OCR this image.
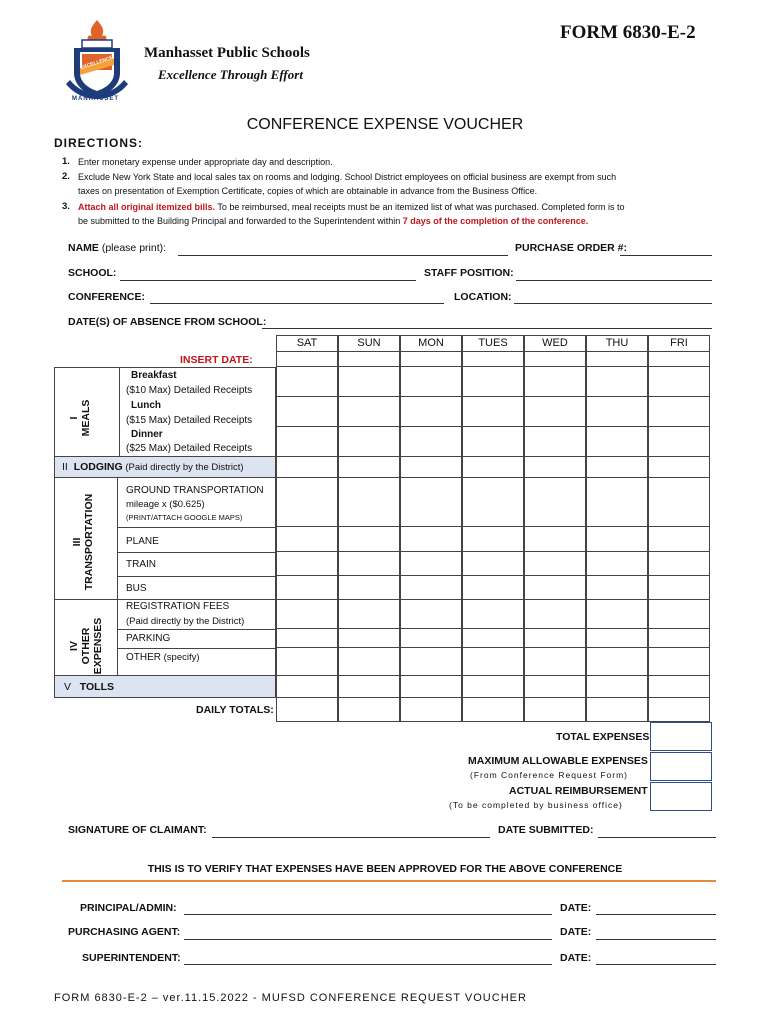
EXCELLENCE
MANHASSET
Manhasset Public Schools
Excellence Through Effort
FORM 6830-E-2
CONFERENCE EXPENSE VOUCHER
DIRECTIONS:
1. Enter monetary expense under appropriate day and description.
2. Exclude New York State and local sales tax on rooms and lodging. School District employees on official business are exempt from such
taxes on presentation of Exemption Certificate, copies of which are obtainable in advance from the Business Office.
3. Attach all original itemized bills. To be reimbursed, meal receipts must be an itemized list of what was purchased. Completed form is to
be submitted to the Building Principal and forwarded to the Superintendent within 7 days of the completion of the conference.
NAME (please print):	PURCHASE ORDER #:
SCHOOL:	STAFF POSITION:
CONFERENCE:	LOCATION:
DATE(S) OF ABSENCE FROM SCHOOL:
SAT	SUN	MON	TUES	WED	THU	FRI
INSERT DATE:
I
MEALS
Breakfast
($10 Max) Detailed Receipts
Lunch
($15 Max) Detailed Receipts
Dinner
($25 Max) Detailed Receipts
II LODGING (Paid directly by the District)
III
TRANSPORTATION
GROUND TRANSPORTATION
mileage x ($0.625)
(PRINT/ATTACH GOOGLE MAPS)
PLANE
TRAIN
BUS
IV
OTHER
EXPENSES
REGISTRATION FEES
(Paid directly by the District)
PARKING
OTHER (specify)
V TOLLS
DAILY TOTALS:
TOTAL EXPENSES
MAXIMUM ALLOWABLE EXPENSES
(From Conference Request Form)
ACTUAL REIMBURSEMENT
(To be completed by business office)
SIGNATURE OF CLAIMANT:	DATE SUBMITTED:
THIS IS TO VERIFY THAT EXPENSES HAVE BEEN APPROVED FOR THE ABOVE CONFERENCE
PRINCIPAL/ADMIN:	DATE:
PURCHASING AGENT:	DATE:
SUPERINTENDENT:	DATE:
FORM 6830-E-2 – ver.11.15.2022 - MUFSD CONFERENCE REQUEST VOUCHER
